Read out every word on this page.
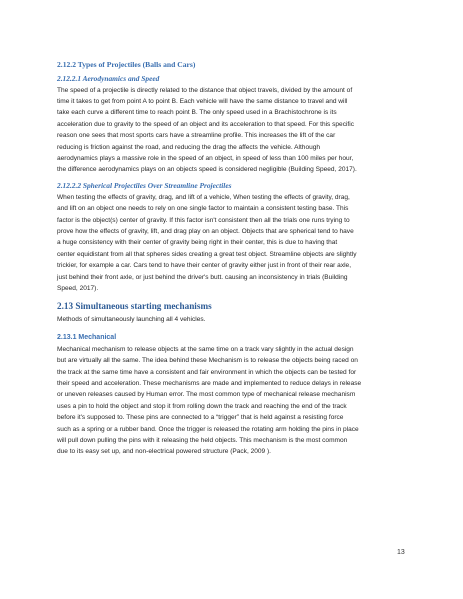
2.12.2 Types of Projectiles (Balls and Cars)
2.12.2.1 Aerodynamics and Speed

The speed of a projectile is directly related to the distance that object travels, divided by the amount of
time it takes to get from point A to point B. Each vehicle will have the same distance to travel and will
take each curve a different time to reach point B. The only speed used in a Brachistochrone is its
acceleration due to gravity to the speed of an object and its acceleration to that speed. For this specific
reason one sees that most sports cars have a streamline profile. This increases the lift of the car
reducing is friction against the road, and reducing the drag the affects the vehicle. Although
aerodynamics plays a massive role in the speed of an object, in speed of less than 100 miles per hour,
the difference aerodynamics plays on an objects speed is considered negligible (Building Speed, 2017).

2.12.2.2 Spherical Projectiles Over Streamline Projectiles

When testing the effects of gravity, drag, and lift of a vehicle, When testing the effects of gravity, drag,
and lift on an object one needs to rely on one single factor to maintain a consistent testing base. This
factor is the object(s) center of gravity. If this factor isn't consistent then all the trials one runs trying to
prove how the effects of gravity, lift, and drag play on an object. Objects that are spherical tend to have
a huge consistency with their center of gravity being right in their center, this is due to having that
center equidistant from all that spheres sides creating a great test object. Streamline objects are slightly
trickier, for example a car. Cars tend to have their center of gravity either just in front of their rear axle,
just behind their front axle, or just behind the driver's butt. causing an inconsistency in trials (Building
Speed, 2017).

2.13 Simultaneous starting mechanisms

Methods of simultaneously launching all 4 vehicles.

2.13.1 Mechanical

Mechanical mechanism to release objects at the same time on a track vary slightly in the actual design
but are virtually all the same. The idea behind these Mechanism is to release the objects being raced on
the track at the same time have a consistent and fair environment in which the objects can be tested for
their speed and acceleration. These mechanisms are made and implemented to reduce delays in release
or uneven releases caused by Human error. The most common type of mechanical release mechanism
uses a pin to hold the object and stop it from rolling down the track and reaching the end of the track
before it's supposed to. These pins are connected to a “trigger” that is held against a resisting force
such as a spring or a rubber band. Once the trigger is released the rotating arm holding the pins in place
will pull down pulling the pins with it releasing the held objects. This mechanism is the most common
due to its easy set up, and non-electrical powered structure (Pack, 2009 ).

13
